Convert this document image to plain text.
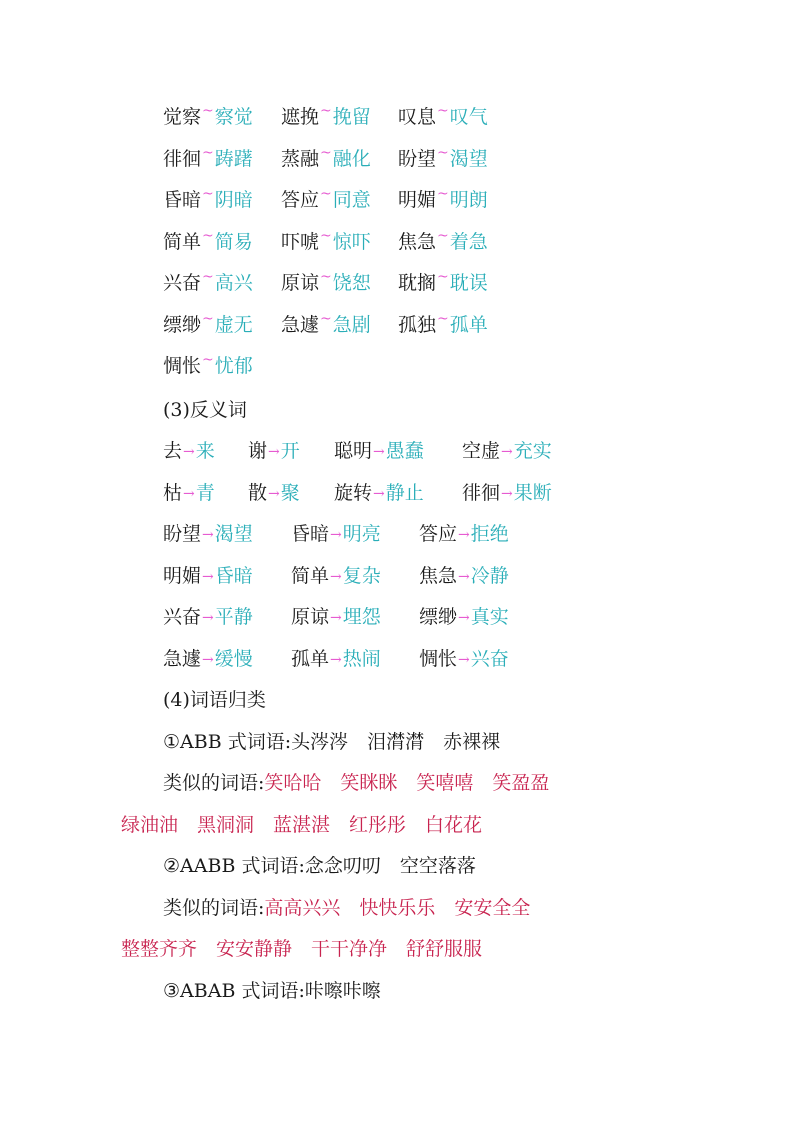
觉察~察觉 遮挽~挽留 叹息~叹气
徘徊~踌躇 蒸融~融化 盼望~渴望
昏暗~阴暗 答应~同意 明媚~明朗
简单~简易 吓唬~惊吓 焦急~着急
兴奋~高兴 原谅~饶恕 耽搁~耽误
缥缈~虚无 急遽~急剧 孤独~孤单
惆怅~忧郁
(3)反义词
去→来 谢→开 聪明→愚蠢 空虚→充实
枯→青 散→聚 旋转→静止 徘徊→果断
盼望→渴望 昏暗→明亮 答应→拒绝
明媚→昏暗 简单→复杂 焦急→冷静
兴奋→平静 原谅→埋怨 缥缈→真实
急遽→缓慢 孤单→热闹 惆怅→兴奋
(4)词语归类
①ABB 式词语:头涔涔　泪潸潸　赤裸裸
类似的词语:笑哈哈　笑眯眯　笑嘻嘻　笑盈盈
绿油油　黑洞洞　蓝湛湛　红彤彤　白花花
②AABB 式词语:念念叨叨　空空落落
类似的词语:高高兴兴　快快乐乐　安安全全
整整齐齐　安安静静　干干净净　舒舒服服
③ABAB 式词语:咔嚓咔嚓
